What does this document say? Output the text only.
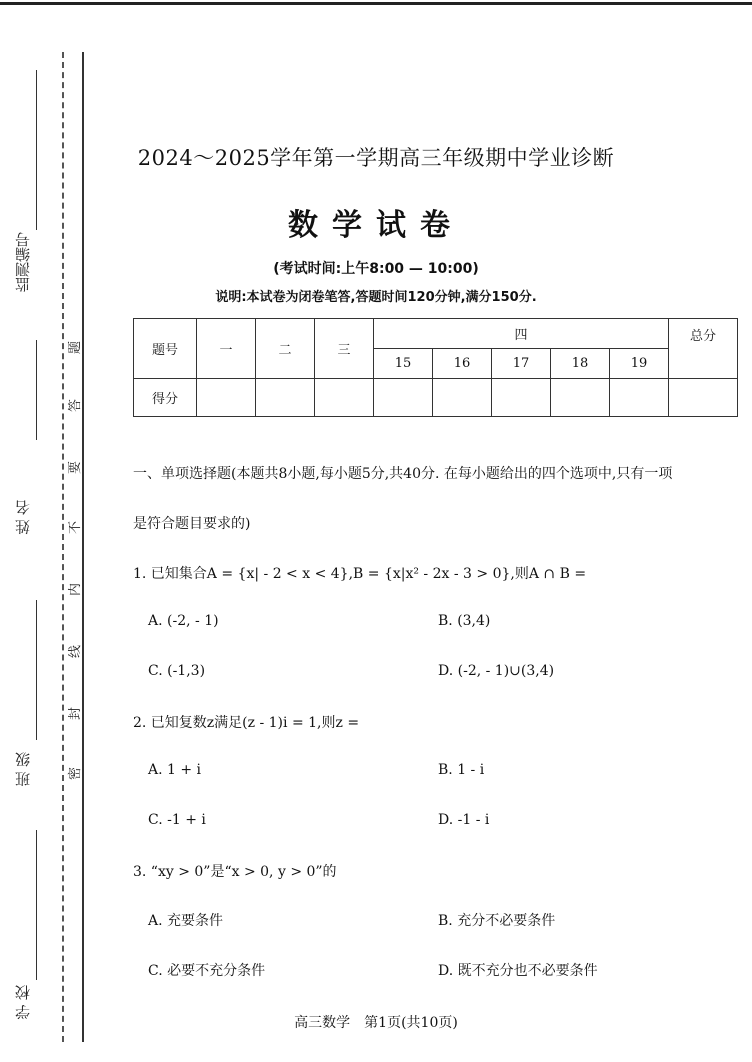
监测编号
姓 名
班 级
学 校
题
答
要
不
内
线
封
密
2024～2025学年第一学期高三年级期中学业诊断
数学试卷
(考试时间:上午8:00 — 10:00)
说明:本试卷为闭卷笔答,答题时间120分钟,满分150分.
题号	一	二	三	四					总分
				15	16	17	18	19	
得分									
一、单项选择题(本题共8小题,每小题5分,共40分. 在每小题给出的四个选项中,只有一项
是符合题目要求的)
1. 已知集合A = {x| - 2 < x < 4},B = {x|x² - 2x - 3 > 0},则A ∩ B =
A. (-2, - 1)	B. (3,4)
C. (-1,3)	D. (-2, - 1)∪(3,4)
2. 已知复数z满足(z - 1)i = 1,则z =
A. 1 + i	B. 1 - i
C. -1 + i	D. -1 - i
3. “xy > 0”是“x > 0, y > 0”的
A. 充要条件	B. 充分不必要条件
C. 必要不充分条件	D. 既不充分也不必要条件
高三数学　第1页(共10页)
